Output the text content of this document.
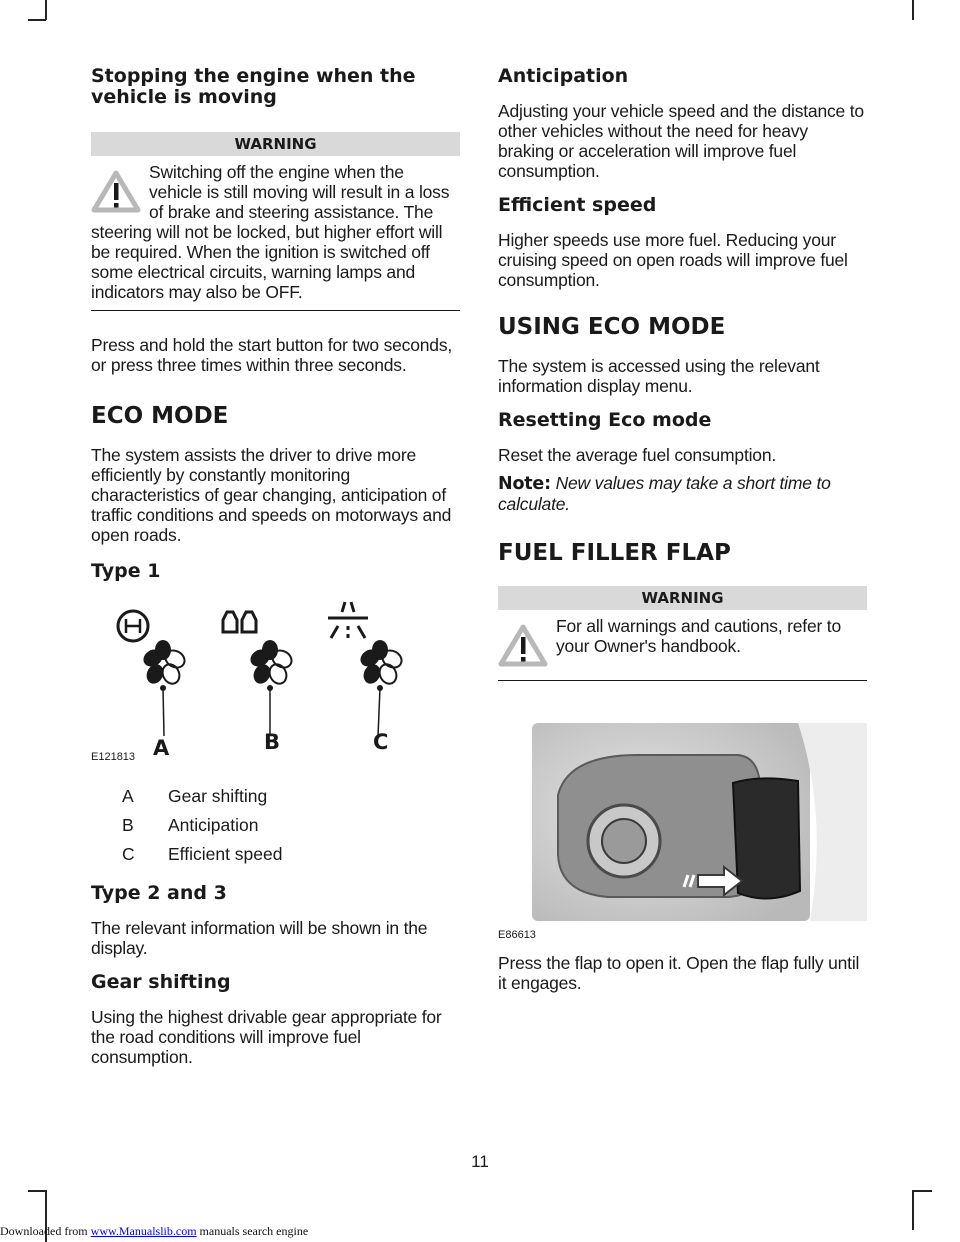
Stopping the engine when the vehicle is moving
WARNING
Switching off the engine when the vehicle is still moving will result in a loss of brake and steering assistance. The steering will not be locked, but higher effort will be required. When the ignition is switched off some electrical circuits, warning lamps and indicators may also be OFF.

Press and hold the start button for two seconds, or press three times within three seconds.

ECO MODE

The system assists the driver to drive more efficiently by constantly monitoring characteristics of gear changing, anticipation of traffic conditions and speeds on motorways and open roads.

Type 1
A	B	C
E121813
A	Gear shifting
B	Anticipation
C	Efficient speed
Type 2 and 3

The relevant information will be shown in the display.

Gear shifting

Using the highest drivable gear appropriate for the road conditions will improve fuel consumption.

Anticipation

Adjusting your vehicle speed and the distance to other vehicles without the need for heavy braking or acceleration will improve fuel consumption.

Efficient speed

Higher speeds use more fuel. Reducing your cruising speed on open roads will improve fuel consumption.

USING ECO MODE

The system is accessed using the relevant information display menu.

Resetting Eco mode

Reset the average fuel consumption.

Note: New values may take a short time to calculate.

FUEL FILLER FLAP
WARNING
For all warnings and cautions, refer to your Owner's handbook.
E86613

Press the flap to open it. Open the flap fully until it engages.

11
Downloaded from www.Manualslib.com manuals search engine
